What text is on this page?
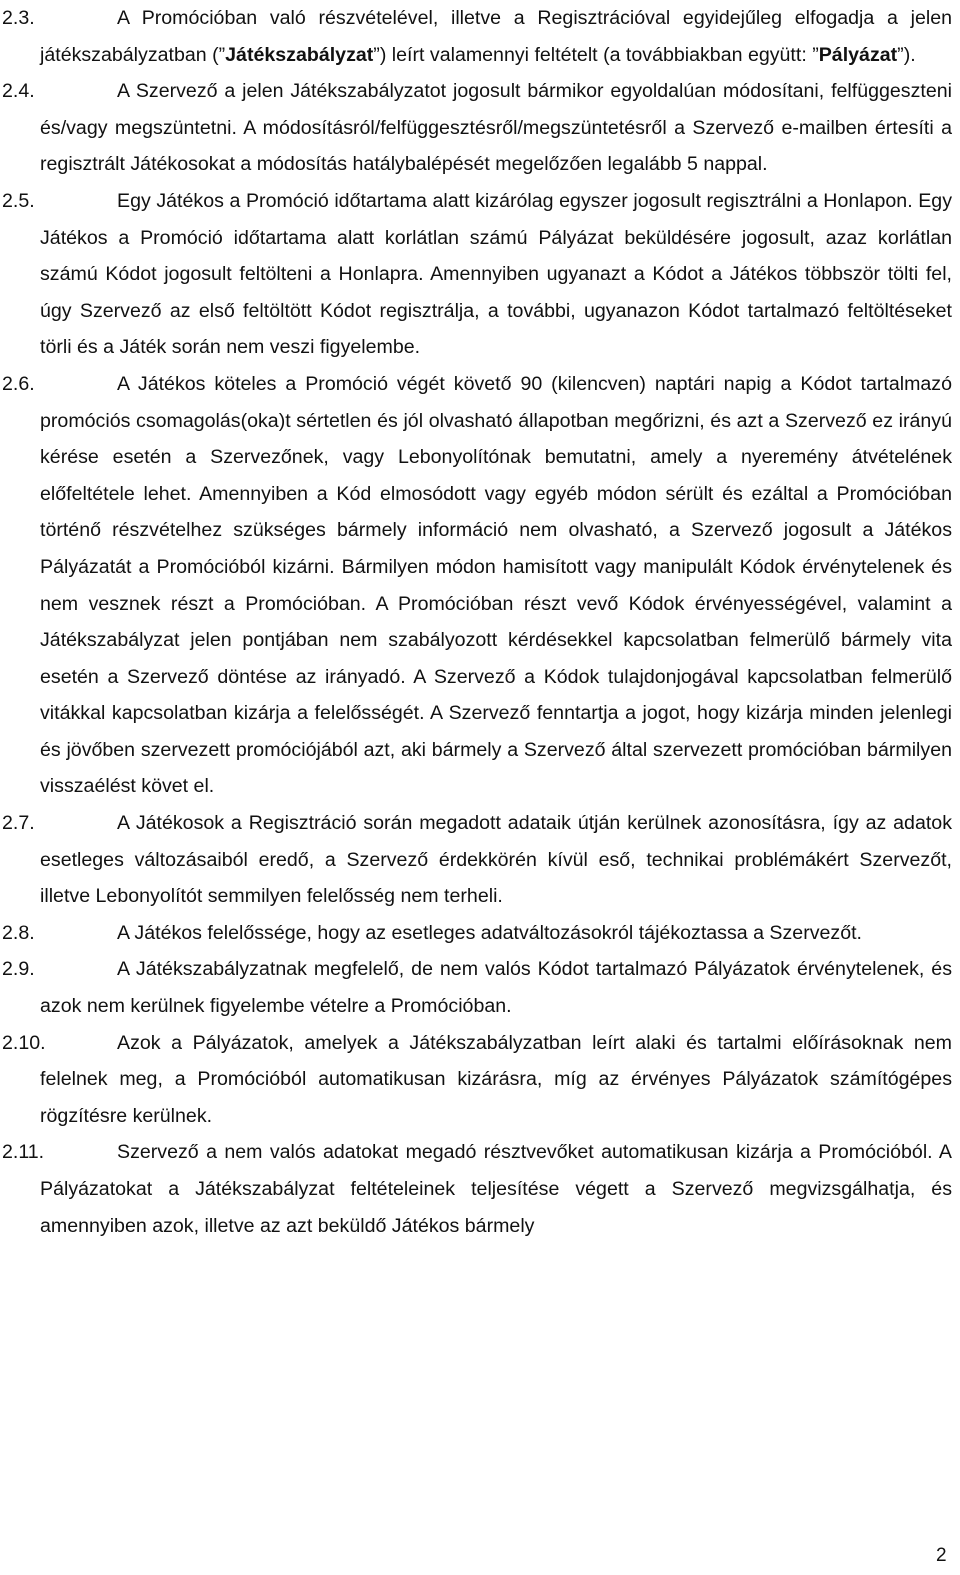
2.3.	A Promócióban való részvételével, illetve a Regisztrációval egyidejűleg elfogadja a jelen játékszabályzatban (”Játékszabályzat”) leírt valamennyi feltételt (a továbbiakban együtt: ”Pályázat”).

2.4.	A Szervező a jelen Játékszabályzatot jogosult bármikor egyoldalúan módosítani, felfüggeszteni és/vagy megszüntetni. A módosításról/felfüggesztésről/megszüntetésről a Szervező e-mailben értesíti a regisztrált Játékosokat a módosítás hatálybalépését megelőzően legalább 5 nappal.

2.5.	Egy Játékos a Promóció időtartama alatt kizárólag egyszer jogosult regisztrálni a Honlapon. Egy Játékos a Promóció időtartama alatt korlátlan számú Pályázat beküldésére jogosult, azaz korlátlan számú Kódot jogosult feltölteni a Honlapra. Amennyiben ugyanazt a Kódot a Játékos többször tölti fel, úgy Szervező az első feltöltött Kódot regisztrálja, a további, ugyanazon Kódot tartalmazó feltöltéseket törli és a Játék során nem veszi figyelembe.

2.6.	A Játékos köteles a Promóció végét követő 90 (kilencven) naptári napig a Kódot tartalmazó promóciós csomagolás(oka)t sértetlen és jól olvasható állapotban megőrizni, és azt a Szervező ez irányú kérése esetén a Szervezőnek, vagy Lebonyolítónak bemutatni, amely a nyeremény átvételének előfeltétele lehet. Amennyiben a Kód elmosódott vagy egyéb módon sérült és ezáltal a Promócióban történő részvételhez szükséges bármely információ nem olvasható, a Szervező jogosult a Játékos Pályázatát a Promócióból kizárni. Bármilyen módon hamisított vagy manipulált Kódok érvénytelenek és nem vesznek részt a Promócióban. A Promócióban részt vevő Kódok érvényességével, valamint a Játékszabályzat jelen pontjában nem szabályozott kérdésekkel kapcsolatban felmerülő bármely vita esetén a Szervező döntése az irányadó. A Szervező a Kódok tulajdonjogával kapcsolatban felmerülő vitákkal kapcsolatban kizárja a felelősségét. A Szervező fenntartja a jogot, hogy kizárja minden jelenlegi és jövőben szervezett promóciójából azt, aki bármely a Szervező által szervezett promócióban bármilyen visszaélést követ el.

2.7.	A Játékosok a Regisztráció során megadott adataik útján kerülnek azonosításra, így az adatok esetleges változásaiból eredő, a Szervező érdekkörén kívül eső, technikai problémákért Szervezőt, illetve Lebonyolítót semmilyen felelősség nem terheli.

2.8.	A Játékos felelőssége, hogy az esetleges adatváltozásokról tájékoztassa a Szervezőt.

2.9.	A Játékszabályzatnak megfelelő, de nem valós Kódot tartalmazó Pályázatok érvénytelenek, és azok nem kerülnek figyelembe vételre a Promócióban.

2.10.	Azok a Pályázatok, amelyek a Játékszabályzatban leírt alaki és tartalmi előírásoknak nem felelnek meg, a Promócióból automatikusan kizárásra, míg az érvényes Pályázatok számítógépes rögzítésre kerülnek.

2.11.	Szervező a nem valós adatokat megadó résztvevőket automatikusan kizárja a Promócióból. A Pályázatokat a Játékszabályzat feltételeinek teljesítése végett a Szervező megvizsgálhatja, és amennyiben azok, illetve az azt beküldő Játékos bármely

2
